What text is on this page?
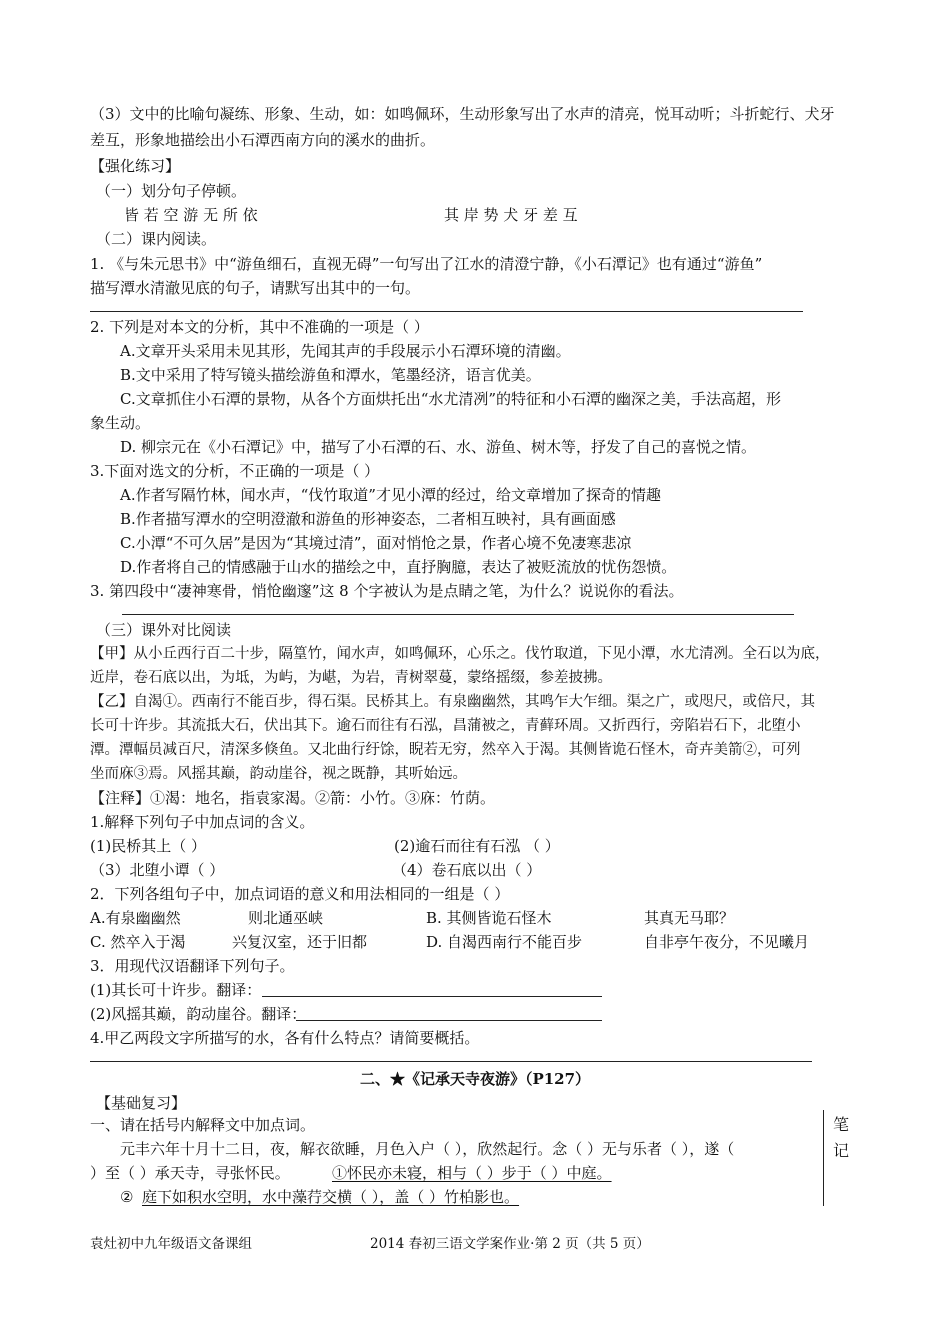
（3）文中的比喻句凝练、形象、生动，如：如鸣佩环，生动形象写出了水声的清亮，悦耳动听；斗折蛇行、犬牙
差互，形象地描绘出小石潭西南方向的溪水的曲折。
【强化练习】
（一）划分句子停顿。
皆 若 空 游 无 所 依	其 岸 势 犬 牙 差 互
（二）课内阅读。
1. 《与朱元思书》中“游鱼细石，直视无碍”一句写出了江水的清澄宁静，《小石潭记》也有通过“游鱼”
描写潭水清澈见底的句子，请默写出其中的一句。
2. 下列是对本文的分析，其中不准确的一项是（ ）
A.文章开头采用未见其形，先闻其声的手段展示小石潭环境的清幽。
B.文中采用了特写镜头描绘游鱼和潭水，笔墨经济，语言优美。
C.文章抓住小石潭的景物，从各个方面烘托出“水尤清冽”的特征和小石潭的幽深之美，手法高超，形
象生动。
D. 柳宗元在《小石潭记》中，描写了小石潭的石、水、游鱼、树木等，抒发了自己的喜悦之情。
3.下面对选文的分析，不正确的一项是（ ）
A.作者写隔竹林，闻水声，“伐竹取道”才见小潭的经过，给文章增加了探奇的情趣
B.作者描写潭水的空明澄澈和游鱼的形神姿态，二者相互映衬，具有画面感
C.小潭“不可久居”是因为“其境过清”，面对悄怆之景，作者心境不免凄寒悲凉
D.作者将自己的情感融于山水的描绘之中，直抒胸臆，表达了被贬流放的忧伤怨愤。
3. 第四段中“凄神寒骨，悄怆幽邃”这 8 个字被认为是点睛之笔，为什么？说说你的看法。
（三）课外对比阅读
【甲】从小丘西行百二十步，隔篁竹，闻水声，如鸣佩环，心乐之。伐竹取道，下见小潭，水尤清冽。全石以为底，
近岸，卷石底以出，为坻，为屿，为嵁，为岩，青树翠蔓，蒙络摇缀，参差披拂。
【乙】自渴①。西南行不能百步，得石渠。民桥其上。有泉幽幽然，其鸣乍大乍细。渠之广，或咫尺，或倍尺，其
长可十许步。其流抵大石，伏出其下。逾石而往有石泓，昌蒲被之，青藓环周。又折西行，旁陷岩石下，北堕小
潭。潭幅员减百尺，清深多倏鱼。又北曲行纡馀，睨若无穷，然卒入于渴。其侧皆诡石怪木，奇卉美箭②，可列
坐而庥③焉。风摇其巅，韵动崖谷，视之既静，其听始远。
【注释】①渴：地名，指袁家渴。②箭：小竹。③庥：竹荫。
1.解释下列句子中加点词的含义。
(1)民桥其上（ ）	(2)逾石而往有石泓 （ ）
（3）北堕小谭（ ）	（4）卷石底以出（ ）
2．下列各组句子中，加点词语的意义和用法相同的一组是（ ）
A.有泉幽幽然	则北通巫峡	B. 其侧皆诡石怪木	其真无马耶？
C. 然卒入于渴	兴复汉室，还于旧都	D. 自渴西南行不能百步	自非亭午夜分，不见曦月
3．用现代汉语翻译下列句子。
(1)其长可十许步。翻译：
(2)风摇其巅，韵动崖谷。翻译：
4.甲乙两段文字所描写的水，各有什么特点？请简要概括。
二、★《记承天寺夜游》（P127）
【基础复习】
一、请在括号内解释文中加点词。
元丰六年十月十二日，夜，解衣欲睡，月色入户（ ），欣然起行。念（ ）无与乐者（ ），遂（
）至（ ）承天寺，寻张怀民。	①怀民亦未寝，相与（ ）步于（ ）中庭。
② 庭下如积水空明，水中藻荇交横（ ），盖（ ）竹柏影也。
笔
记
袁灶初中九年级语文备课组	2014 春初三语文学案作业·第 2 页（共 5 页）
